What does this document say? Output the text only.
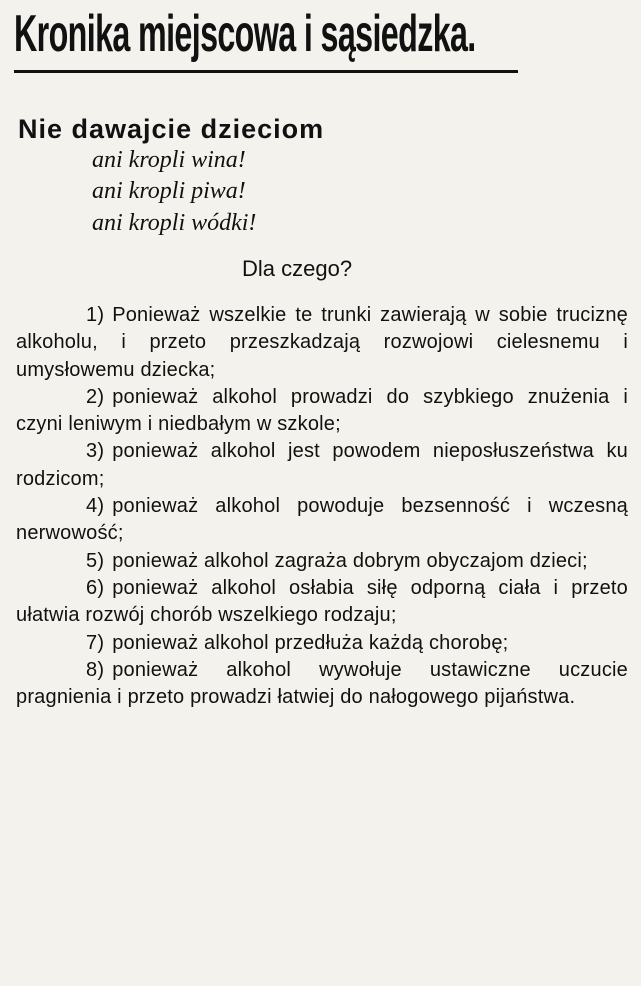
Kronika miejscowa i sąsiedzka.
Nie dawajcie dzieciom
ani kropli wina!
ani kropli piwa!
ani kropli wódki!
Dla czego?

1) Ponieważ wszelkie te trunki zawierają w sobie truciznę alkoholu, i przeto przeszkadzają rozwojowi cielesnemu i umysłowemu dziecka;

2) ponieważ alkohol prowadzi do szybkiego znużenia i czyni leniwym i niedbałym w szkole;

3) ponieważ alkohol jest powodem nieposłuszeństwa ku rodzicom;

4) ponieważ alkohol powoduje bezsenność i wczesną nerwowość;

5) ponieważ alkohol zagraża dobrym obyczajom dzieci;

6) ponieważ alkohol osłabia siłę odporną ciała i przeto ułatwia rozwój chorób wszelkiego rodzaju;

7) ponieważ alkohol przedłuża każdą chorobę;

8) ponieważ alkohol wywołuje ustawiczne uczucie pragnienia i przeto prowadzi łatwiej do nałogowego pijaństwa.
